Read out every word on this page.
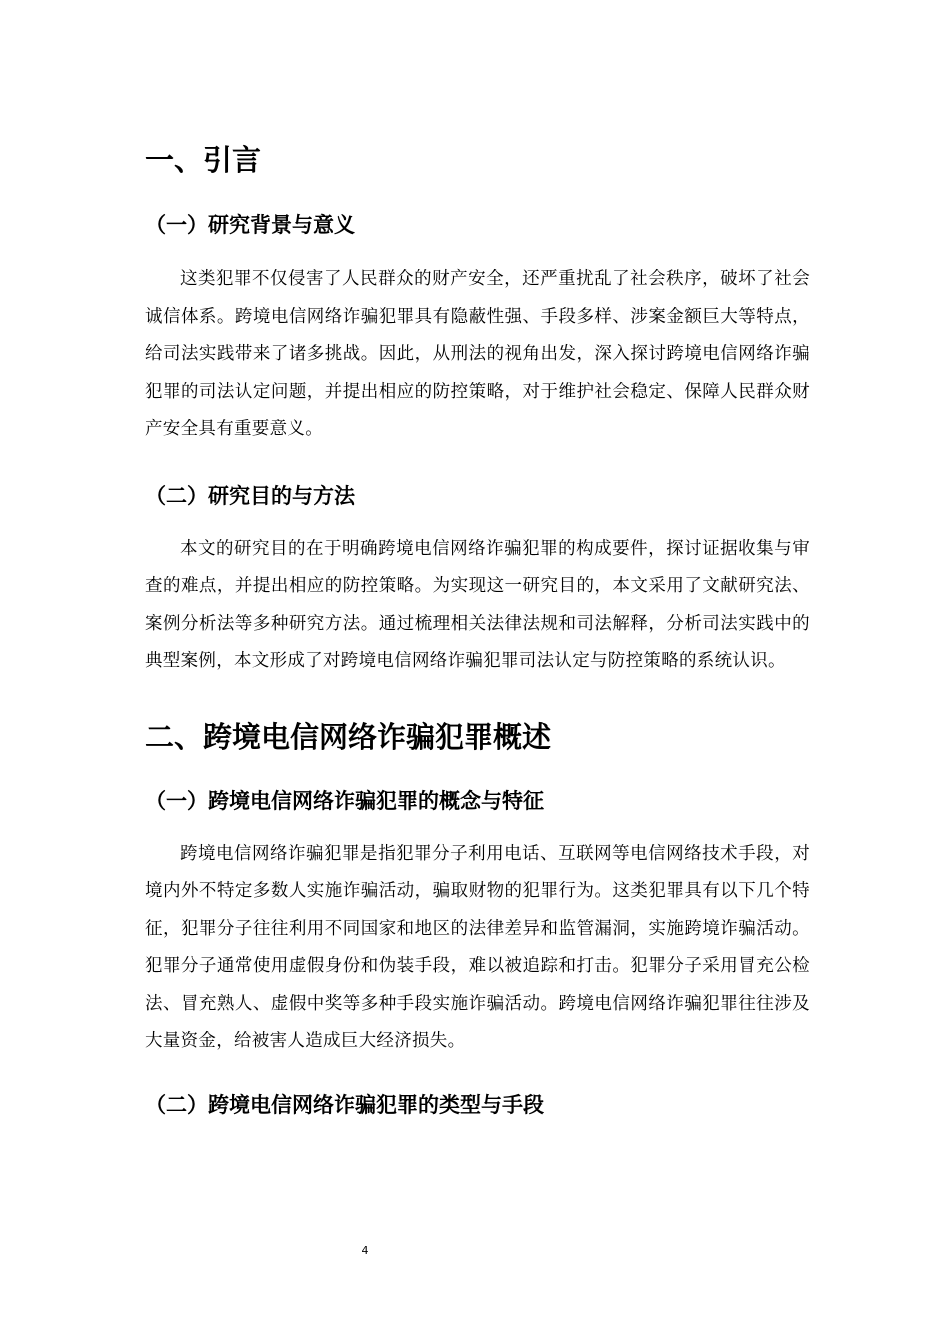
一、引言
（一）研究背景与意义

这类犯罪不仅侵害了人民群众的财产安全，还严重扰乱了社会秩序，破坏了社会诚信体系。跨境电信网络诈骗犯罪具有隐蔽性强、手段多样、涉案金额巨大等特点，给司法实践带来了诸多挑战。因此，从刑法的视角出发，深入探讨跨境电信网络诈骗犯罪的司法认定问题，并提出相应的防控策略，对于维护社会稳定、保障人民群众财产安全具有重要意义。

（二）研究目的与方法

本文的研究目的在于明确跨境电信网络诈骗犯罪的构成要件，探讨证据收集与审查的难点，并提出相应的防控策略。为实现这一研究目的，本文采用了文献研究法、案例分析法等多种研究方法。通过梳理相关法律法规和司法解释，分析司法实践中的典型案例，本文形成了对跨境电信网络诈骗犯罪司法认定与防控策略的系统认识。

二、跨境电信网络诈骗犯罪概述
（一）跨境电信网络诈骗犯罪的概念与特征

跨境电信网络诈骗犯罪是指犯罪分子利用电话、互联网等电信网络技术手段，对境内外不特定多数人实施诈骗活动，骗取财物的犯罪行为。这类犯罪具有以下几个特征，犯罪分子往往利用不同国家和地区的法律差异和监管漏洞，实施跨境诈骗活动。犯罪分子通常使用虚假身份和伪装手段，难以被追踪和打击。犯罪分子采用冒充公检法、冒充熟人、虚假中奖等多种手段实施诈骗活动。跨境电信网络诈骗犯罪往往涉及大量资金，给被害人造成巨大经济损失。

（二）跨境电信网络诈骗犯罪的类型与手段
4
